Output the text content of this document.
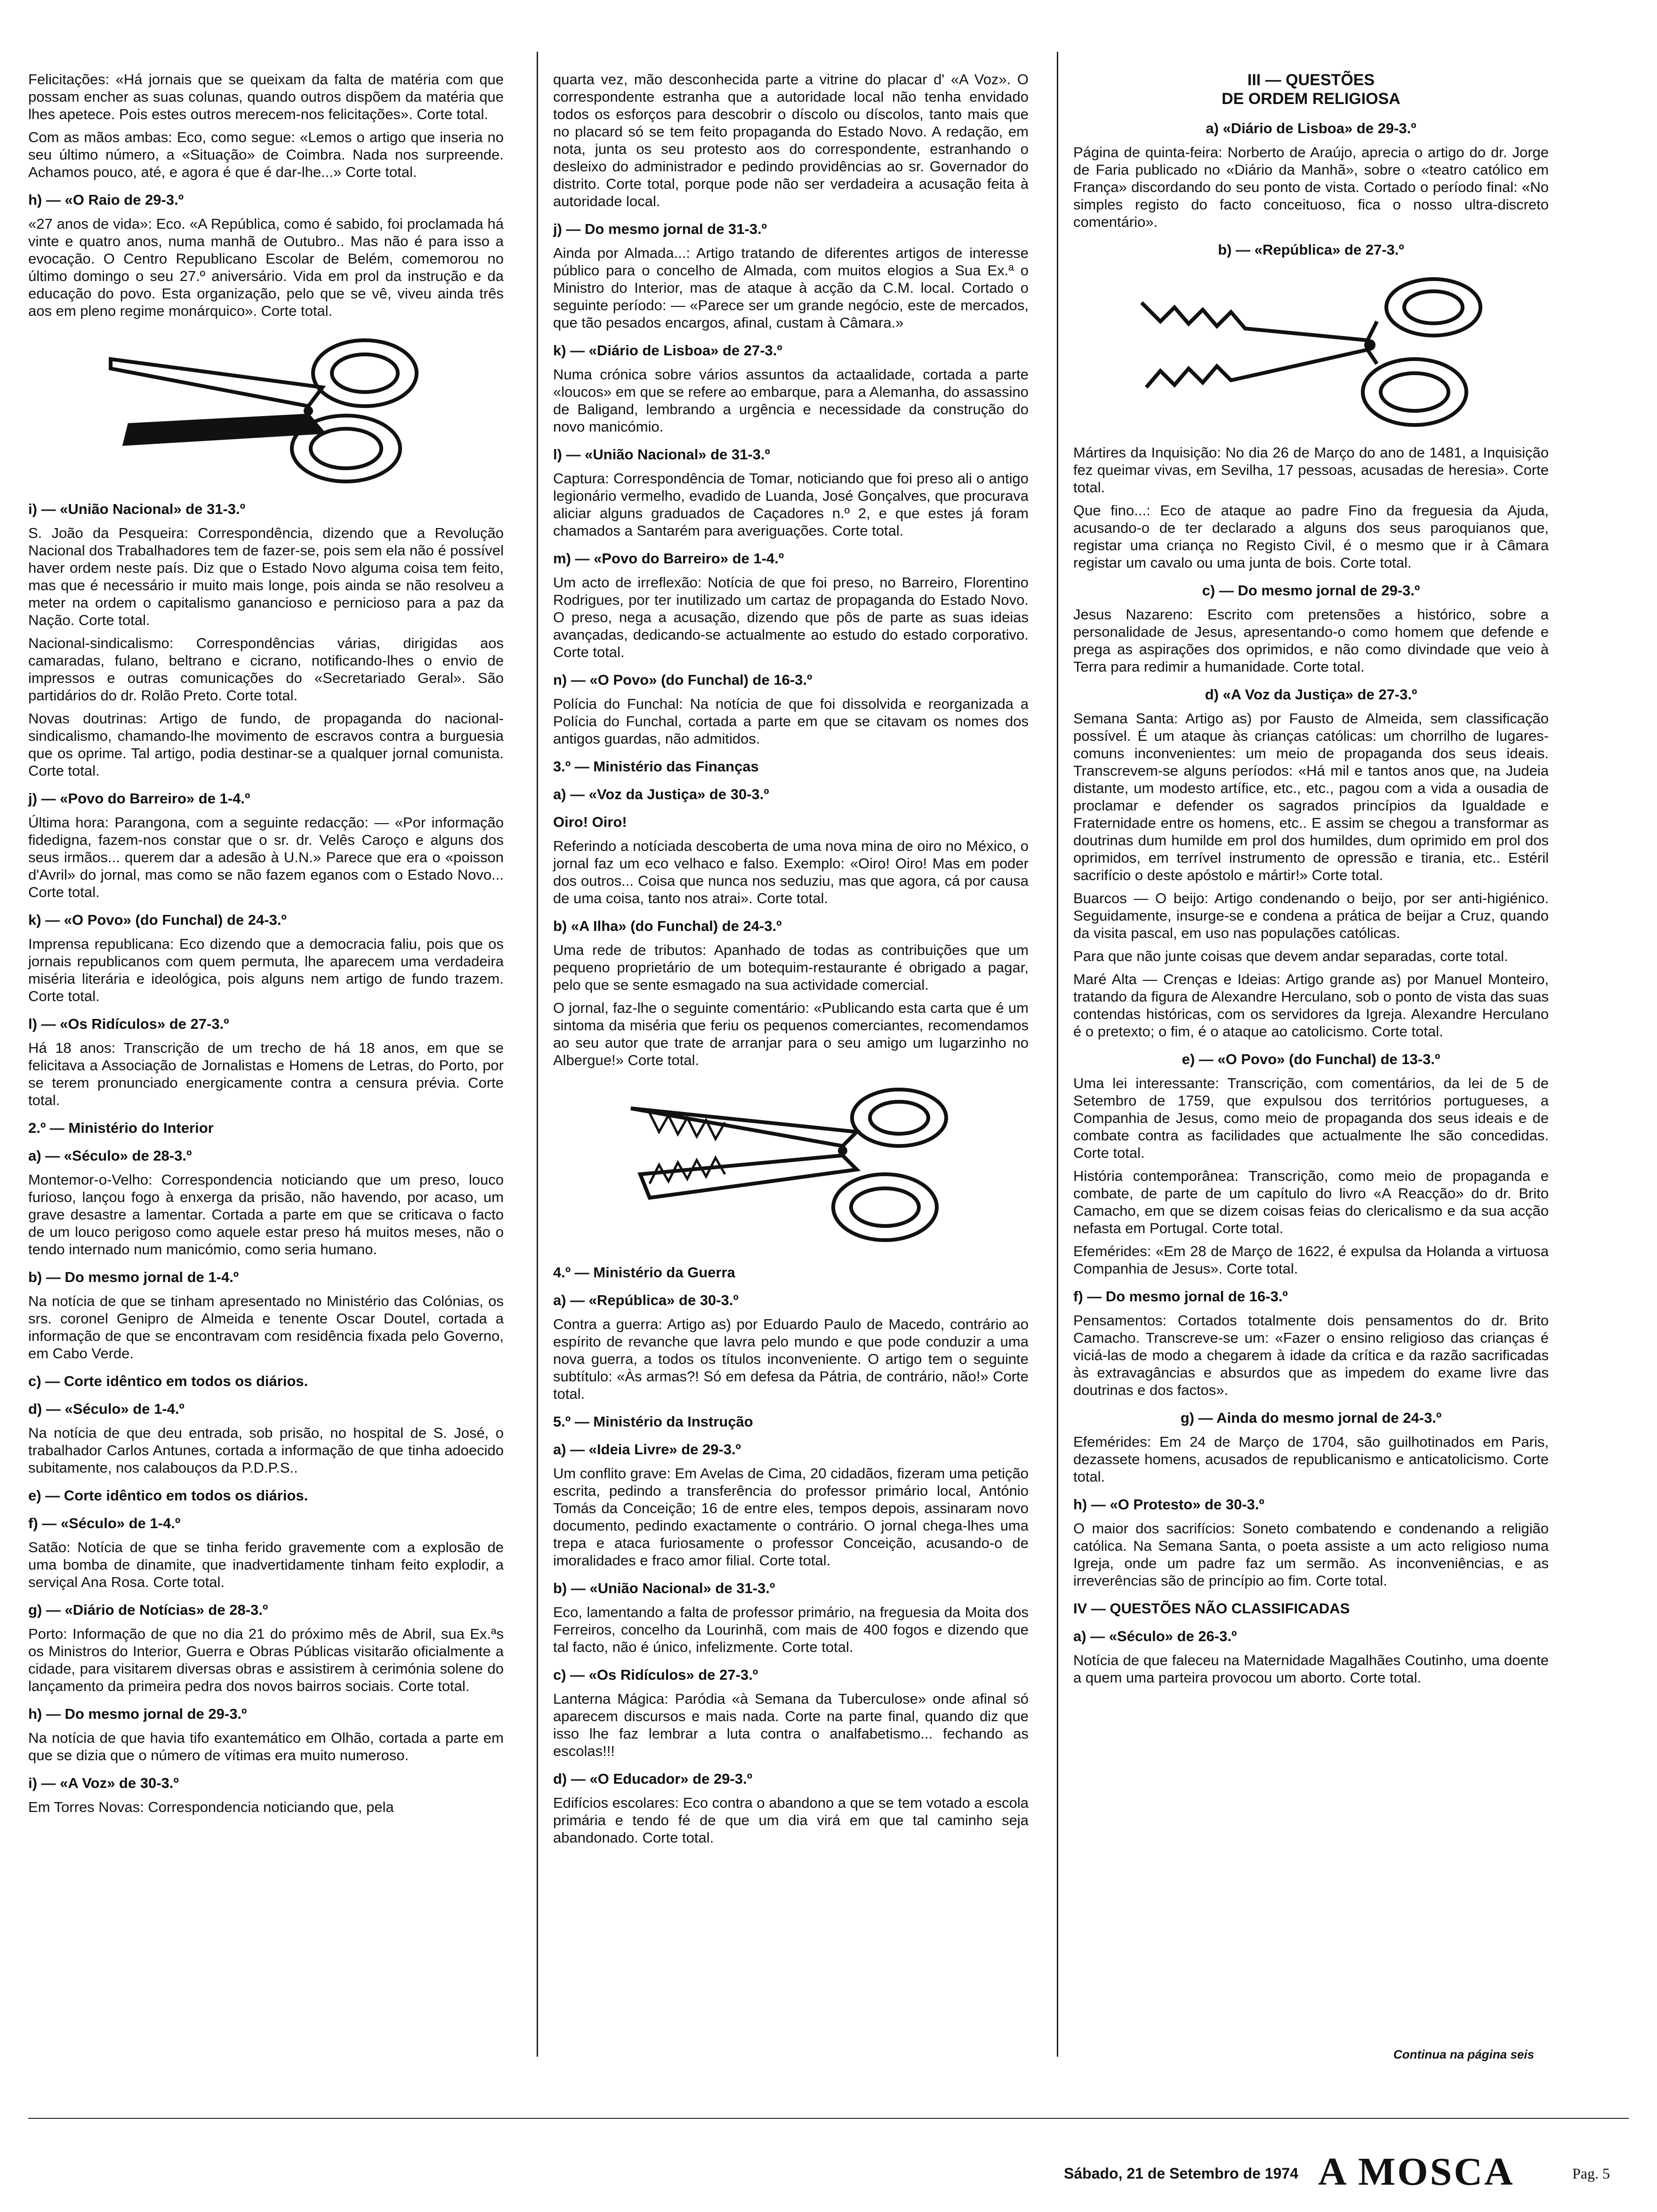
Felicitações: «Há jornais que se queixam da falta de matéria com que possam encher as suas colunas, quando outros dispõem da matéria que lhes apetece. Pois estes outros merecem-nos felicitações». Corte total.

Com as mãos ambas: Eco, como segue: «Lemos o artigo que inseria no seu último número, a «Situação» de Coimbra. Nada nos surpreende. Achamos pouco, até, e agora é que é dar-lhe...» Corte total.

h) — «O Raio de 29-3.º

«27 anos de vida»: Eco. «A República, como é sabido, foi proclamada há vinte e quatro anos, numa manhã de Outubro.. Mas não é para isso a evocação. O Centro Republicano Escolar de Belém, comemorou no último domingo o seu 27.º aniversário. Vida em prol da instrução e da educação do povo. Esta organização, pelo que se vê, viveu ainda três aos em pleno regime monárquico». Corte total.

i) — «União Nacional» de 31-3.º

S. João da Pesqueira: Correspondência, dizendo que a Revolução Nacional dos Trabalhadores tem de fazer-se, pois sem ela não é possível haver ordem neste país. Diz que o Estado Novo alguma coisa tem feito, mas que é necessário ir muito mais longe, pois ainda se não resolveu a meter na ordem o capitalismo ganancioso e pernicioso para a paz da Nação. Corte total.

Nacional-sindicalismo: Correspondências várias, dirigidas aos camaradas, fulano, beltrano e cicrano, notificando-lhes o envio de impressos e outras comunicações do «Secretariado Geral». São partidários do dr. Rolão Preto. Corte total.

Novas doutrinas: Artigo de fundo, de propaganda do nacional-sindicalismo, chamando-lhe movimento de escravos contra a burguesia que os oprime. Tal artigo, podia destinar-se a qualquer jornal comunista. Corte total.

j) — «Povo do Barreiro» de 1-4.º

Última hora: Parangona, com a seguinte redacção: — «Por informação fidedigna, fazem-nos constar que o sr. dr. Velês Caroço e alguns dos seus irmãos... querem dar a adesão à U.N.» Parece que era o «poisson d'Avril» do jornal, mas como se não fazem eganos com o Estado Novo... Corte total.

k) — «O Povo» (do Funchal) de 24-3.º

Imprensa republicana: Eco dizendo que a democracia faliu, pois que os jornais republicanos com quem permuta, lhe aparecem uma verdadeira miséria literária e ideológica, pois alguns nem artigo de fundo trazem. Corte total.

l) — «Os Ridículos» de 27-3.º

Há 18 anos: Transcrição de um trecho de há 18 anos, em que se felicitava a Associação de Jornalistas e Homens de Letras, do Porto, por se terem pronunciado energicamente contra a censura prévia. Corte total.

2.º — Ministério do Interior
a) — «Século» de 28-3.º

Montemor-o-Velho: Correspondencia noticiando que um preso, louco furioso, lançou fogo à enxerga da prisão, não havendo, por acaso, um grave desastre a lamentar. Cortada a parte em que se criticava o facto de um louco perigoso como aquele estar preso há muitos meses, não o tendo internado num manicómio, como seria humano.

b) — Do mesmo jornal de 1-4.º

Na notícia de que se tinham apresentado no Ministério das Colónias, os srs. coronel Genipro de Almeida e tenente Oscar Doutel, cortada a informação de que se encontravam com residência fixada pelo Governo, em Cabo Verde.

c) — Corte idêntico em todos os diários.
d) — «Século» de 1-4.º

Na notícia de que deu entrada, sob prisão, no hospital de S. José, o trabalhador Carlos Antunes, cortada a informação de que tinha adoecido subitamente, nos calabouços da P.D.P.S..

e) — Corte idêntico em todos os diários.
f) — «Século» de 1-4.º

Satão: Notícia de que se tinha ferido gravemente com a explosão de uma bomba de dinamite, que inadvertidamente tinham feito explodir, a serviçal Ana Rosa. Corte total.

g) — «Diário de Notícias» de 28-3.º

Porto: Informação de que no dia 21 do próximo mês de Abril, sua Ex.ªs os Ministros do Interior, Guerra e Obras Públicas visitarão oficialmente a cidade, para visitarem diversas obras e assistirem à cerimónia solene do lançamento da primeira pedra dos novos bairros sociais. Corte total.

h) — Do mesmo jornal de 29-3.º

Na notícia de que havia tifo exantemático em Olhão, cortada a parte em que se dizia que o número de vítimas era muito numeroso.

i) — «A Voz» de 30-3.º

Em Torres Novas: Correspondencia noticiando que, pela

quarta vez, mão desconhecida parte a vitrine do placar d' «A Voz». O correspondente estranha que a autoridade local não tenha envidado todos os esforços para descobrir o díscolo ou díscolos, tanto mais que no placard só se tem feito propaganda do Estado Novo. A redação, em nota, junta os seu protesto aos do correspondente, estranhando o desleixo do administrador e pedindo providências ao sr. Governador do distrito. Corte total, porque pode não ser verdadeira a acusação feita à autoridade local.

j) — Do mesmo jornal de 31-3.º

Ainda por Almada...: Artigo tratando de diferentes artigos de interesse público para o concelho de Almada, com muitos elogios a Sua Ex.ª o Ministro do Interior, mas de ataque à acção da C.M. local. Cortado o seguinte período: — «Parece ser um grande negócio, este de mercados, que tão pesados encargos, afinal, custam à Câmara.»

k) — «Diário de Lisboa» de 27-3.º

Numa crónica sobre vários assuntos da actaalidade, cortada a parte «loucos» em que se refere ao embarque, para a Alemanha, do assassino de Baligand, lembrando a urgência e necessidade da construção do novo manicómio.

l) — «União Nacional» de 31-3.º

Captura: Correspondência de Tomar, noticiando que foi preso ali o antigo legionário vermelho, evadido de Luanda, José Gonçalves, que procurava aliciar alguns graduados de Caçadores n.º 2, e que estes já foram chamados a Santarém para averiguações. Corte total.

m) — «Povo do Barreiro» de 1-4.º

Um acto de irreflexão: Notícia de que foi preso, no Barreiro, Florentino Rodrigues, por ter inutilizado um cartaz de propaganda do Estado Novo. O preso, nega a acusação, dizendo que pôs de parte as suas ideias avançadas, dedicando-se actualmente ao estudo do estado corporativo. Corte total.

n) — «O Povo» (do Funchal) de 16-3.º

Polícia do Funchal: Na notícia de que foi dissolvida e reorganizada a Polícia do Funchal, cortada a parte em que se citavam os nomes dos antigos guardas, não admitidos.

3.º — Ministério das Finanças
a) — «Voz da Justiça» de 30-3.º
Oiro! Oiro!

Referindo a notíciada descoberta de uma nova mina de oiro no México, o jornal faz um eco velhaco e falso. Exemplo: «Oiro! Oiro! Mas em poder dos outros... Coisa que nunca nos seduziu, mas que agora, cá por causa de uma coisa, tanto nos atrai». Corte total.

b) «A Ilha» (do Funchal) de 24-3.º

Uma rede de tributos: Apanhado de todas as contribuições que um pequeno proprietário de um botequim-restaurante é obrigado a pagar, pelo que se sente esmagado na sua actividade comercial.

O jornal, faz-lhe o seguinte comentário: «Publicando esta carta que é um sintoma da miséria que feriu os pequenos comerciantes, recomendamos ao seu autor que trate de arranjar para o seu amigo um lugarzinho no Albergue!» Corte total.

4.º — Ministério da Guerra
a) — «República» de 30-3.º

Contra a guerra: Artigo as) por Eduardo Paulo de Macedo, contrário ao espírito de revanche que lavra pelo mundo e que pode conduzir a uma nova guerra, a todos os títulos inconveniente. O artigo tem o seguinte subtítulo: «Às armas?! Só em defesa da Pátria, de contrário, não!» Corte total.

5.º — Ministério da Instrução
a) — «Ideia Livre» de 29-3.º

Um conflito grave: Em Avelas de Cima, 20 cidadãos, fizeram uma petição escrita, pedindo a transferência do professor primário local, António Tomás da Conceição; 16 de entre eles, tempos depois, assinaram novo documento, pedindo exactamente o contrário. O jornal chega-lhes uma trepa e ataca furiosamente o professor Conceição, acusando-o de imoralidades e fraco amor filial. Corte total.

b) — «União Nacional» de 31-3.º

Eco, lamentando a falta de professor primário, na freguesia da Moita dos Ferreiros, concelho da Lourinhã, com mais de 400 fogos e dizendo que tal facto, não é único, infelizmente. Corte total.

c) — «Os Ridículos» de 27-3.º

Lanterna Mágica: Paródia «à Semana da Tuberculose» onde afinal só aparecem discursos e mais nada. Corte na parte final, quando diz que isso lhe faz lembrar a luta contra o analfabetismo... fechando as escolas!!!

d) — «O Educador» de 29-3.º

Edifícios escolares: Eco contra o abandono a que se tem votado a escola primária e tendo fé de que um dia virá em que tal caminho seja abandonado. Corte total.

III — QUESTÕES
DE ORDEM RELIGIOSA
a) «Diário de Lisboa» de 29-3.º

Página de quinta-feira: Norberto de Araújo, aprecia o artigo do dr. Jorge de Faria publicado no «Diário da Manhã», sobre o «teatro católico em França» discordando do seu ponto de vista. Cortado o período final: «No simples registo do facto conceituoso, fica o nosso ultra-discreto comentário».

b) — «República» de 27-3.º

Mártires da Inquisição: No dia 26 de Março do ano de 1481, a Inquisição fez queimar vivas, em Sevilha, 17 pessoas, acusadas de heresia». Corte total.

Que fino...: Eco de ataque ao padre Fino da freguesia da Ajuda, acusando-o de ter declarado a alguns dos seus paroquianos que, registar uma criança no Registo Civil, é o mesmo que ir à Câmara registar um cavalo ou uma junta de bois. Corte total.

c) — Do mesmo jornal de 29-3.º

Jesus Nazareno: Escrito com pretensões a histórico, sobre a personalidade de Jesus, apresentando-o como homem que defende e prega as aspirações dos oprimidos, e não como divindade que veio à Terra para redimir a humanidade. Corte total.

d) «A Voz da Justiça» de 27-3.º

Semana Santa: Artigo as) por Fausto de Almeida, sem classificação possível. É um ataque às crianças católicas: um chorrilho de lugares-comuns inconvenientes: um meio de propaganda dos seus ideais. Transcrevem-se alguns períodos: «Há mil e tantos anos que, na Judeia distante, um modesto artífice, etc., etc., pagou com a vida a ousadia de proclamar e defender os sagrados princípios da Igualdade e Fraternidade entre os homens, etc.. E assim se chegou a transformar as doutrinas dum humilde em prol dos humildes, dum oprimido em prol dos oprimidos, em terrível instrumento de opressão e tirania, etc.. Estéril sacrifício o deste apóstolo e mártir!» Corte total.

Buarcos — O beijo: Artigo condenando o beijo, por ser anti-higiénico. Seguidamente, insurge-se e condena a prática de beijar a Cruz, quando da visita pascal, em uso nas populações católicas.

Para que não junte coisas que devem andar separadas, corte total.

Maré Alta — Crenças e Ideias: Artigo grande as) por Manuel Monteiro, tratando da figura de Alexandre Herculano, sob o ponto de vista das suas contendas históricas, com os servidores da Igreja. Alexandre Herculano é o pretexto; o fim, é o ataque ao catolicismo. Corte total.

e) — «O Povo» (do Funchal) de 13-3.º

Uma lei interessante: Transcrição, com comentários, da lei de 5 de Setembro de 1759, que expulsou dos territórios portugueses, a Companhia de Jesus, como meio de propaganda dos seus ideais e de combate contra as facilidades que actualmente lhe são concedidas. Corte total.

História contemporânea: Transcrição, como meio de propaganda e combate, de parte de um capítulo do livro «A Reacção» do dr. Brito Camacho, em que se dizem coisas feias do clericalismo e da sua acção nefasta em Portugal. Corte total.

Efemérides: «Em 28 de Março de 1622, é expulsa da Holanda a virtuosa Companhia de Jesus». Corte total.

f) — Do mesmo jornal de 16-3.º

Pensamentos: Cortados totalmente dois pensamentos do dr. Brito Camacho. Transcreve-se um: «Fazer o ensino religioso das crianças é viciá-las de modo a chegarem à idade da crítica e da razão sacrificadas às extravagâncias e absurdos que as impedem do exame livre das doutrinas e dos factos».

g) — Ainda do mesmo jornal de 24-3.º

Efemérides: Em 24 de Março de 1704, são guilhotinados em Paris, dezassete homens, acusados de republicanismo e anticatolicismo. Corte total.

h) — «O Protesto» de 30-3.º

O maior dos sacrifícios: Soneto combatendo e condenando a religião católica. Na Semana Santa, o poeta assiste a um acto religioso numa Igreja, onde um padre faz um sermão. As inconveniências, e as irreverências são de princípio ao fim. Corte total.

IV — QUESTÕES NÃO CLASSIFICADAS
a) — «Século» de 26-3.º

Notícia de que faleceu na Maternidade Magalhães Coutinho, uma doente a quem uma parteira provocou um aborto. Corte total.

Continua na página seis
Sábado, 21 de Setembro de 1974 A MOSCA	Pag. 5
